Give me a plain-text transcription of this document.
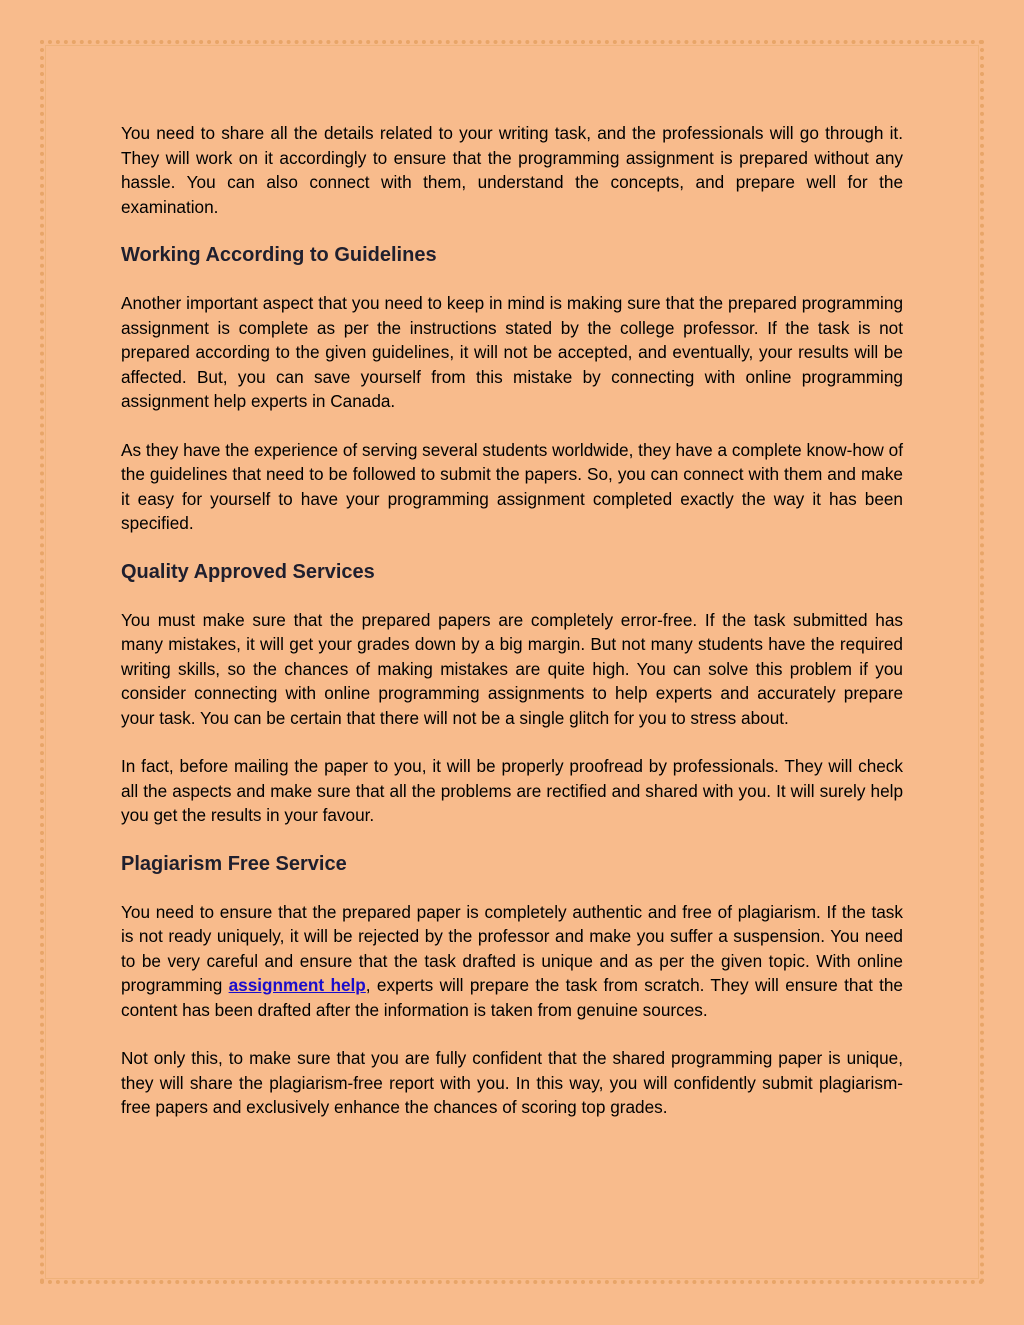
You need to share all the details related to your writing task, and the professionals will go through it. They will work on it accordingly to ensure that the programming assignment is prepared without any hassle. You can also connect with them, understand the concepts, and prepare well for the examination.

Working According to Guidelines

Another important aspect that you need to keep in mind is making sure that the prepared programming assignment is complete as per the instructions stated by the college professor. If the task is not prepared according to the given guidelines, it will not be accepted, and eventually, your results will be affected. But, you can save yourself from this mistake by connecting with online programming assignment help experts in Canada.

As they have the experience of serving several students worldwide, they have a complete know-how of the guidelines that need to be followed to submit the papers. So, you can connect with them and make it easy for yourself to have your programming assignment completed exactly the way it has been specified.

Quality Approved Services

You must make sure that the prepared papers are completely error-free. If the task submitted has many mistakes, it will get your grades down by a big margin. But not many students have the required writing skills, so the chances of making mistakes are quite high. You can solve this problem if you consider connecting with online programming assignments to help experts and accurately prepare your task. You can be certain that there will not be a single glitch for you to stress about.

In fact, before mailing the paper to you, it will be properly proofread by professionals. They will check all the aspects and make sure that all the problems are rectified and shared with you. It will surely help you get the results in your favour.

Plagiarism Free Service

You need to ensure that the prepared paper is completely authentic and free of plagiarism. If the task is not ready uniquely, it will be rejected by the professor and make you suffer a suspension. You need to be very careful and ensure that the task drafted is unique and as per the given topic. With online programming assignment help, experts will prepare the task from scratch. They will ensure that the content has been drafted after the information is taken from genuine sources.

Not only this, to make sure that you are fully confident that the shared programming paper is unique, they will share the plagiarism-free report with you. In this way, you will confidently submit plagiarism-free papers and exclusively enhance the chances of scoring top grades.
